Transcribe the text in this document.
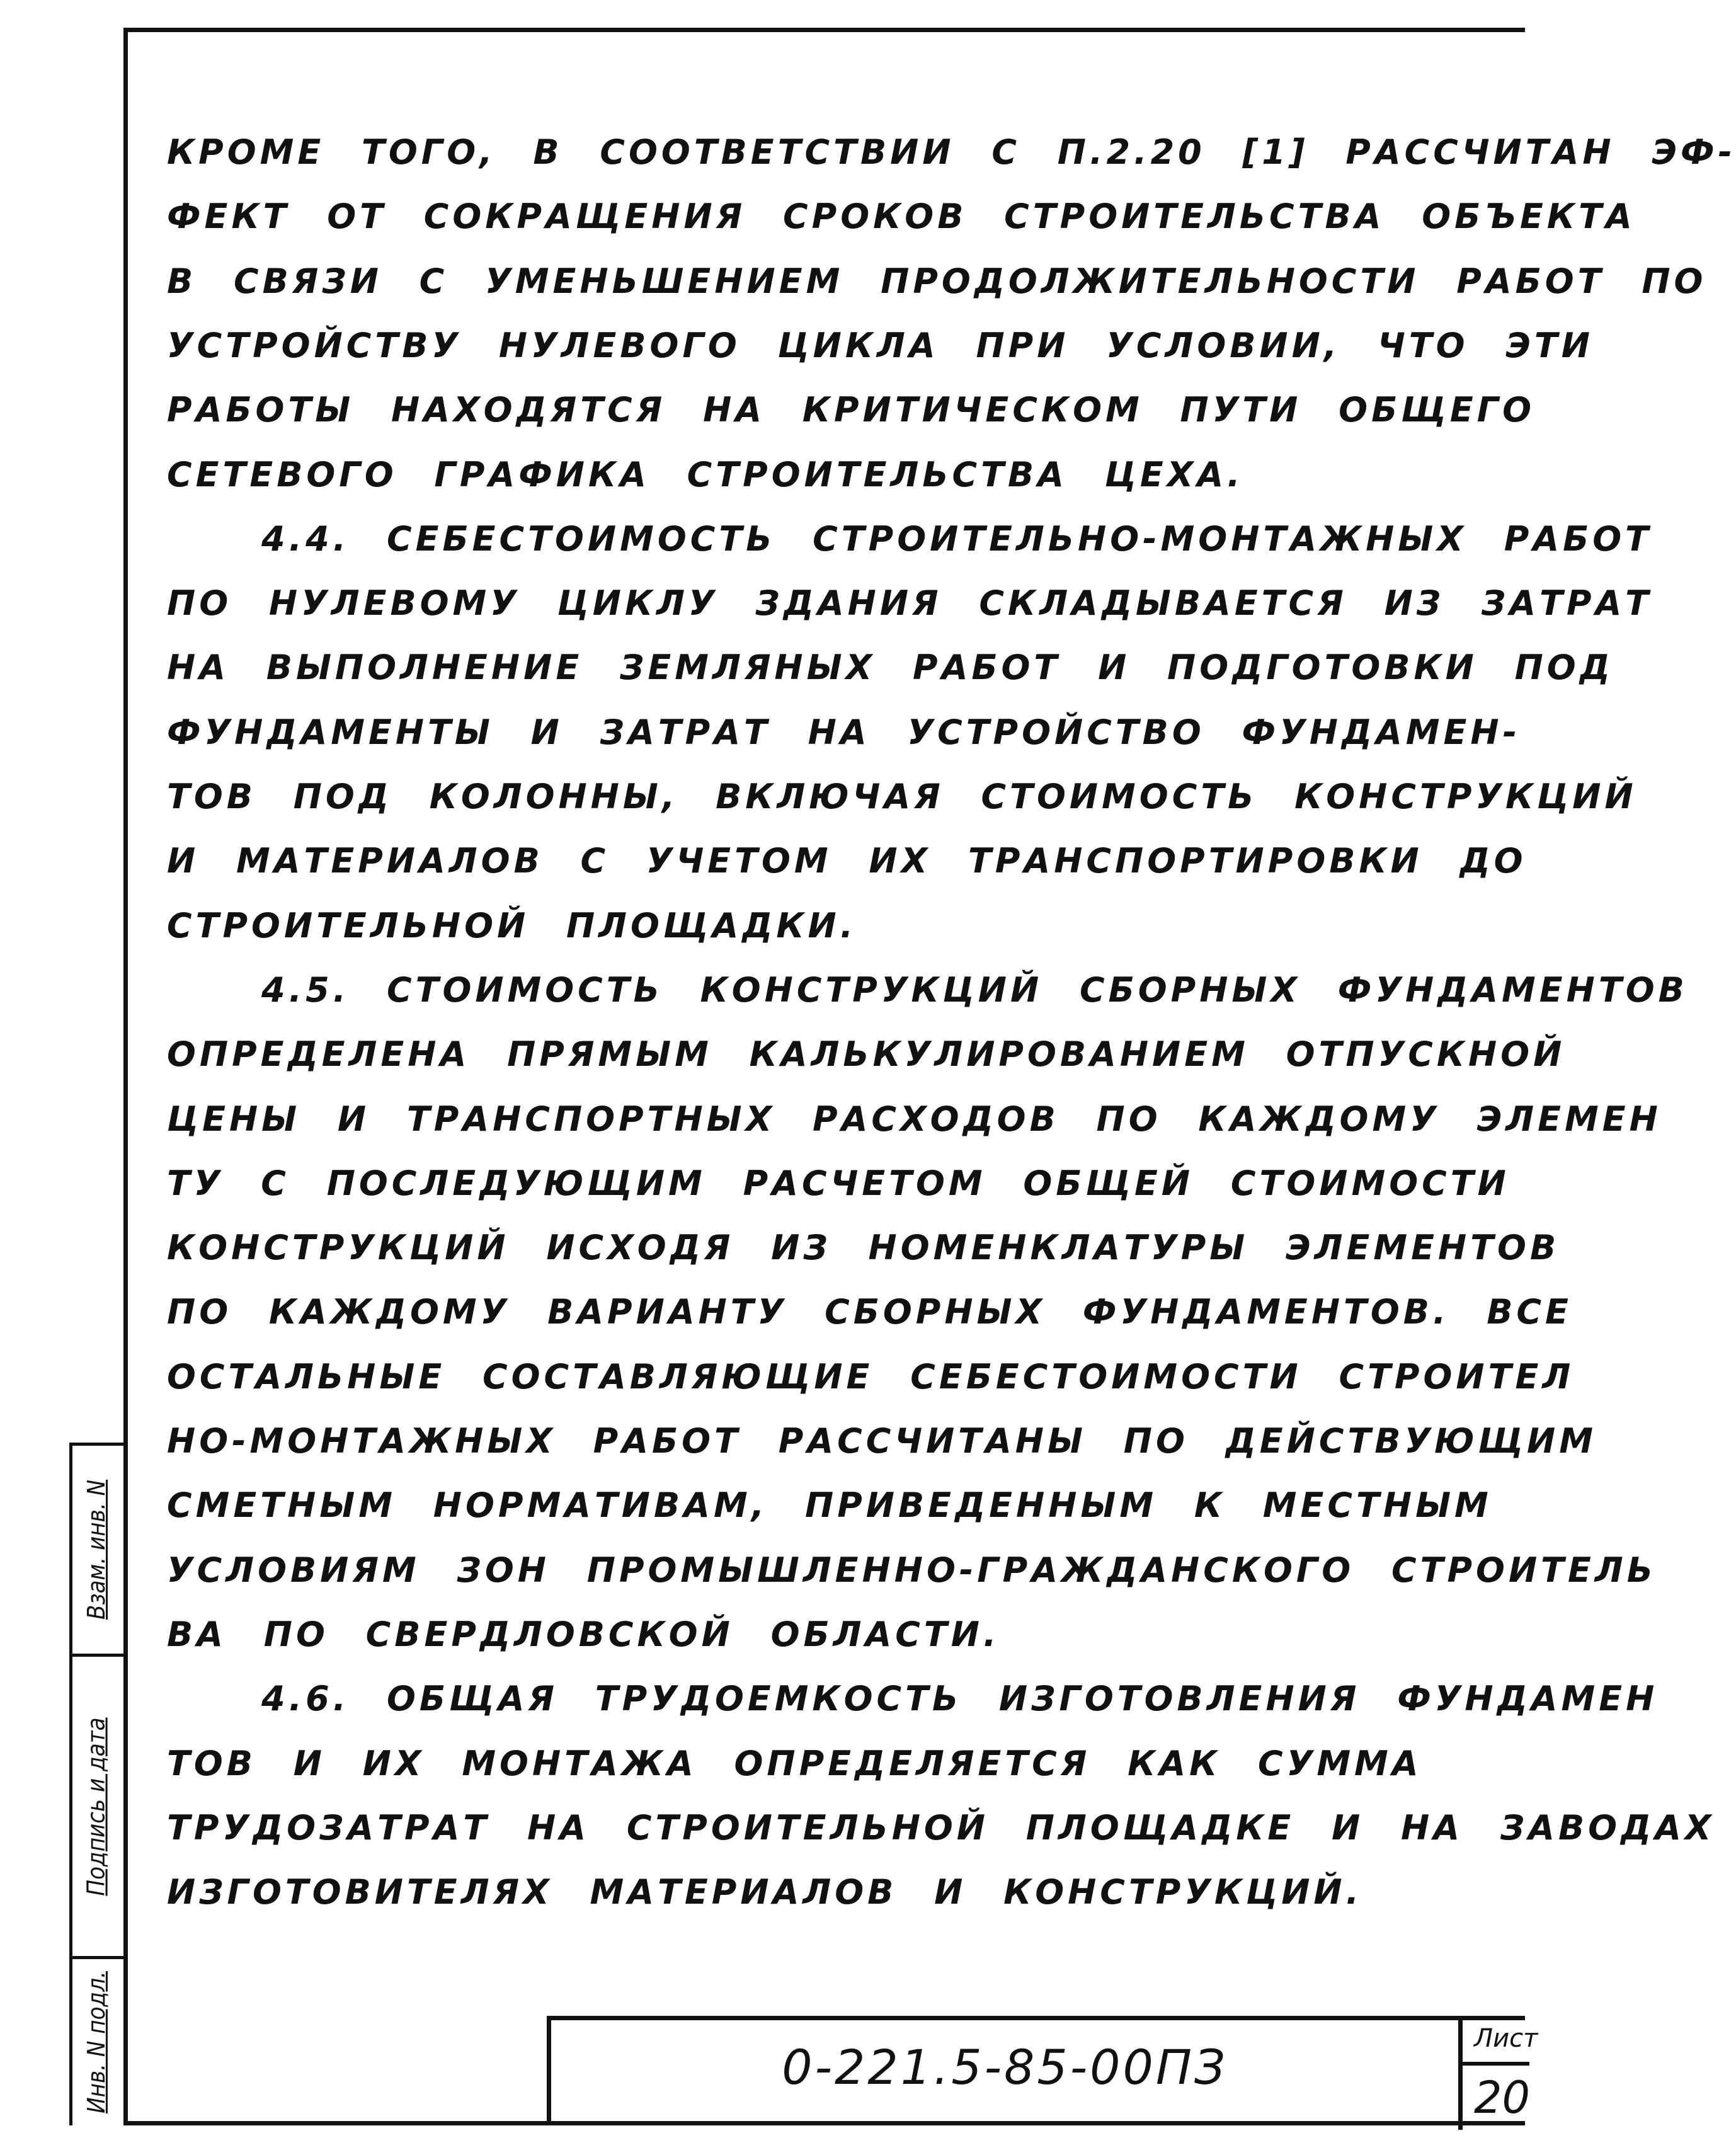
Взам. инв. N
Подпись и дата
Инв. N подл.
КРОМЕ ТОГО, В СООТВЕТСТВИИ С П.2.20 [1] РАССЧИТАН ЭФ-
ФЕКТ ОТ СОКРАЩЕНИЯ СРОКОВ СТРОИТЕЛЬСТВА ОБЪЕКТА
В СВЯЗИ С УМЕНЬШЕНИЕМ ПРОДОЛЖИТЕЛЬНОСТИ РАБОТ ПО
УСТРОЙСТВУ НУЛЕВОГО ЦИКЛА ПРИ УСЛОВИИ, ЧТО ЭТИ
РАБОТЫ НАХОДЯТСЯ НА КРИТИЧЕСКОМ ПУТИ ОБЩЕГО
СЕТЕВОГО ГРАФИКА СТРОИТЕЛЬСТВА ЦЕХА.
4.4. СЕБЕСТОИМОСТЬ СТРОИТЕЛЬНО-МОНТАЖНЫХ РАБОТ
ПО НУЛЕВОМУ ЦИКЛУ ЗДАНИЯ СКЛАДЫВАЕТСЯ ИЗ ЗАТРАТ
НА ВЫПОЛНЕНИЕ ЗЕМЛЯНЫХ РАБОТ И ПОДГОТОВКИ ПОД
ФУНДАМЕНТЫ И ЗАТРАТ НА УСТРОЙСТВО ФУНДАМЕН-
ТОВ ПОД КОЛОННЫ, ВКЛЮЧАЯ СТОИМОСТЬ КОНСТРУКЦИЙ
И МАТЕРИАЛОВ С УЧЕТОМ ИХ ТРАНСПОРТИРОВКИ ДО
СТРОИТЕЛЬНОЙ ПЛОЩАДКИ.
4.5. СТОИМОСТЬ КОНСТРУКЦИЙ СБОРНЫХ ФУНДАМЕНТОВ
ОПРЕДЕЛЕНА ПРЯМЫМ КАЛЬКУЛИРОВАНИЕМ ОТПУСКНОЙ
ЦЕНЫ И ТРАНСПОРТНЫХ РАСХОДОВ ПО КАЖДОМУ ЭЛЕМЕН
ТУ С ПОСЛЕДУЮЩИМ РАСЧЕТОМ ОБЩЕЙ СТОИМОСТИ
КОНСТРУКЦИЙ ИСХОДЯ ИЗ НОМЕНКЛАТУРЫ ЭЛЕМЕНТОВ
ПО КАЖДОМУ ВАРИАНТУ СБОРНЫХ ФУНДАМЕНТОВ. ВСЕ
ОСТАЛЬНЫЕ СОСТАВЛЯЮЩИЕ СЕБЕСТОИМОСТИ СТРОИТЕЛ
НО-МОНТАЖНЫХ РАБОТ РАССЧИТАНЫ ПО ДЕЙСТВУЮЩИМ
СМЕТНЫМ НОРМАТИВАМ, ПРИВЕДЕННЫМ К МЕСТНЫМ
УСЛОВИЯМ ЗОН ПРОМЫШЛЕННО-ГРАЖДАНСКОГО СТРОИТЕЛЬ
ВА ПО СВЕРДЛОВСКОЙ ОБЛАСТИ.
4.6. ОБЩАЯ ТРУДОЕМКОСТЬ ИЗГОТОВЛЕНИЯ ФУНДАМЕН
ТОВ И ИХ МОНТАЖА ОПРЕДЕЛЯЕТСЯ КАК СУММА
ТРУДОЗАТРАТ НА СТРОИТЕЛЬНОЙ ПЛОЩАДКЕ И НА ЗАВОДАХ
ИЗГОТОВИТЕЛЯХ МАТЕРИАЛОВ И КОНСТРУКЦИЙ.
0-221.5-85-00ПЗ
Лист
20
